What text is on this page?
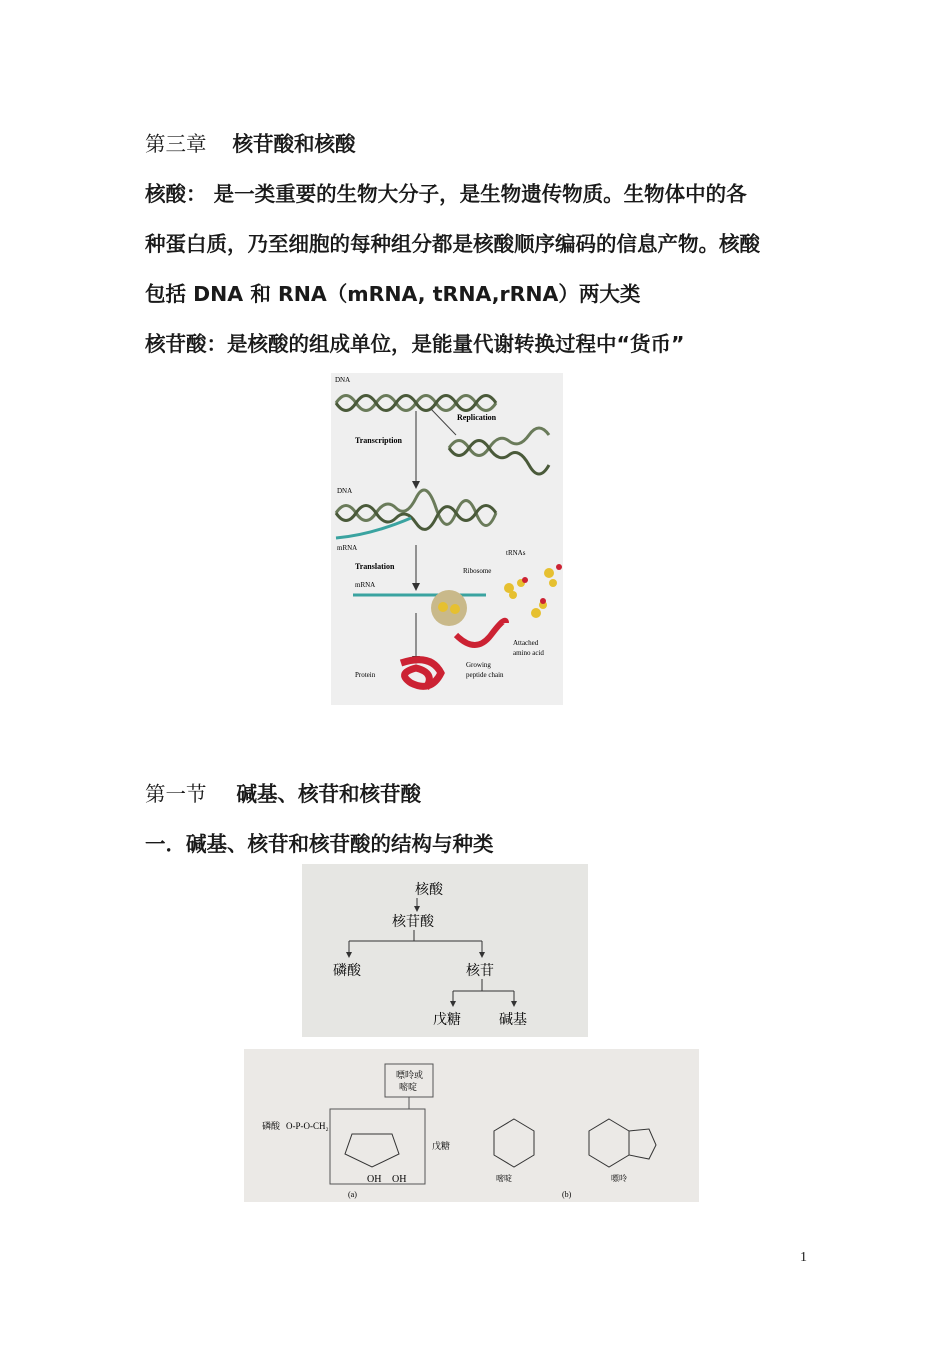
第三章 核苷酸和核酸
核酸： 是一类重要的生物大分子，是生物遗传物质。生物体中的各
种蛋白质，乃至细胞的每种组分都是核酸顺序编码的信息产物。核酸
包括 DNA 和 RNA（mRNA, tRNA,rRNA）两大类
核苷酸：是核酸的组成单位，是能量代谢转换过程中“货币”
DNA
Replication
Transcription
DNA
mRNA
Translation
tRNAs
Ribosome
mRNA
Attached
amino acid
Growing
peptide chain
Protein
第一节 碱基、核苷和核苷酸
一．碱基、核苷和核苷酸的结构与种类
核酸
核苷酸
磷酸	核苷
戊糖	碱基
嘌呤或
嘧啶
磷酸 O-P-O-CH₂
戊糖
OH OH
(a)
嘧啶
(b)
嘌呤
1
